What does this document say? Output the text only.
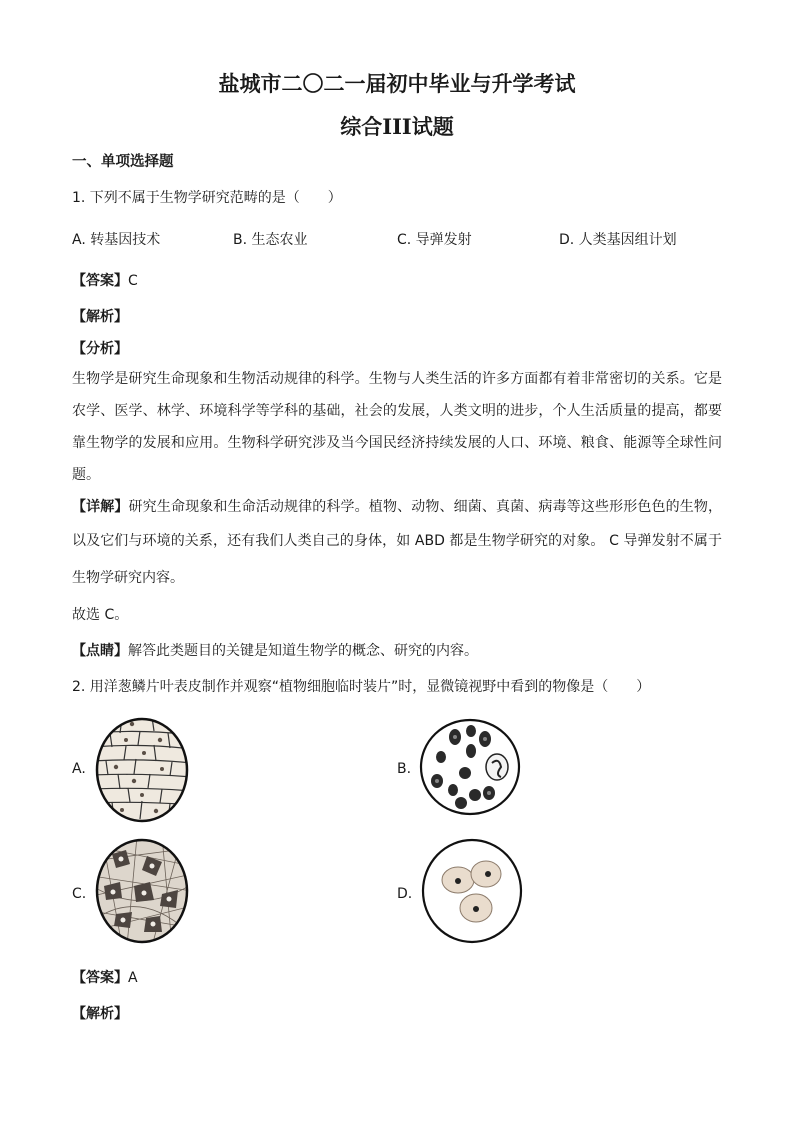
盐城市二〇二一届初中毕业与升学考试
综合III试题
一、单项选择题
1. 下列不属于生物学研究范畴的是（　　）
A. 转基因技术	B. 生态农业	C. 导弹发射	D. 人类基因组计划
【答案】C
【解析】
【分析】
生物学是研究生命现象和生物活动规律的科学。生物与人类生活的许多方面都有着非常密切的关系。它是
农学、医学、林学、环境科学等学科的基础，社会的发展，人类文明的进步，个人生活质量的提高，都要
靠生物学的发展和应用。生物科学研究涉及当今国民经济持续发展的人口、环境、粮食、能源等全球性问
题。
【详解】研究生命现象和生命活动规律的科学。植物、动物、细菌、真菌、病毒等这些形形色色的生物，
以及它们与环境的关系，还有我们人类自己的身体，如 ABD 都是生物学研究的对象。 C 导弹发射不属于
生物学研究内容。
故选 C。
【点睛】解答此类题目的关键是知道生物学的概念、研究的内容。
2. 用洋葱鳞片叶表皮制作并观察“植物细胞临时装片”时，显微镜视野中看到的物像是（　　）
A.	B.
C.	D.
【答案】A
【解析】
